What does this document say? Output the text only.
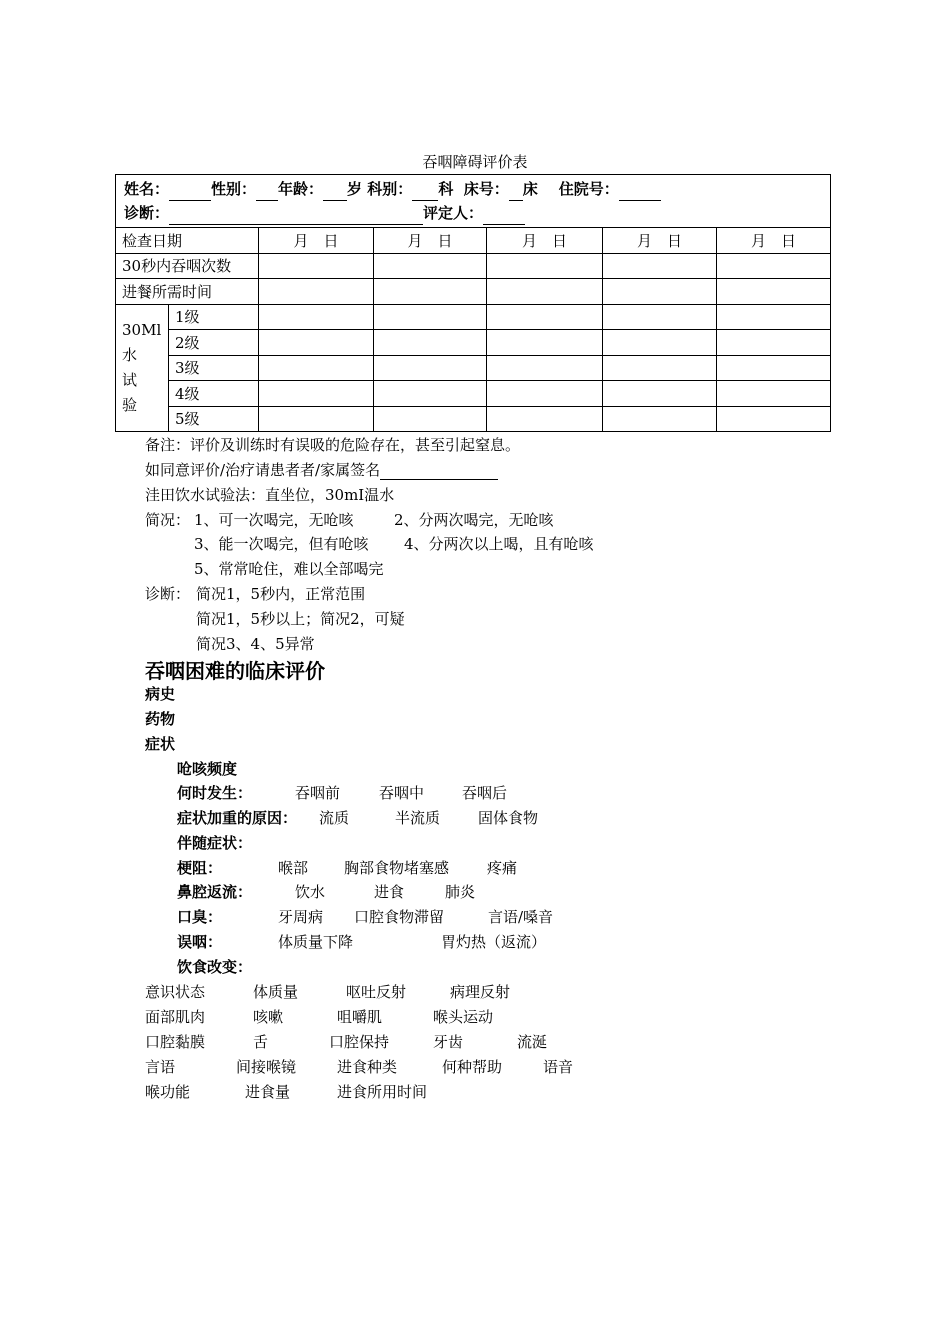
吞咽障碍评价表
姓名： 性别： 年龄： 岁 科别： 科 床号： 床 住院号：
诊断： 评定人：						
检查日期		月　日	月　日	月　日	月　日	月　日
30秒内吞咽次数						
进餐所需时间						

30Ml
水
试
验	1级					
	2级					
	3级					
	4级					
	5级					
备注：评价及训练时有误吸的危险存在，甚至引起窒息。
如同意评价/治疗请患者者/家属签名
洼田饮水试验法：直坐位，30mI温水
简况： 1、可一次喝完，无呛咳	2、分两次喝完，无呛咳
3、能一次喝完，但有呛咳 4、分两次以上喝，且有呛咳
5、常常呛住，难以全部喝完
诊断： 简况1，5秒内，正常范围
简况1，5秒以上；简况2，可疑
简况3、4、5异常
吞咽困难的临床评价
病史
药物
症状
呛咳频度
何时发生：	吞咽前	吞咽中	吞咽后
症状加重的原因： 流质	半流质	固体食物
伴随症状：
梗阻：	喉部 胸部食物堵塞感	疼痛
鼻腔返流：	饮水	进食	肺炎
口臭：	牙周病 口腔食物滞留	言语/嗓音
误咽：	体质量下降	胃灼热（返流）
饮食改变：
意识状态	体质量	呕吐反射	病理反射
面部肌肉	咳嗽	咀嚼肌	喉头运动
口腔黏膜	舌	口腔保持	牙齿	流涎
言语	间接喉镜	进食种类	何种帮助	语音
喉功能	进食量	进食所用时间
